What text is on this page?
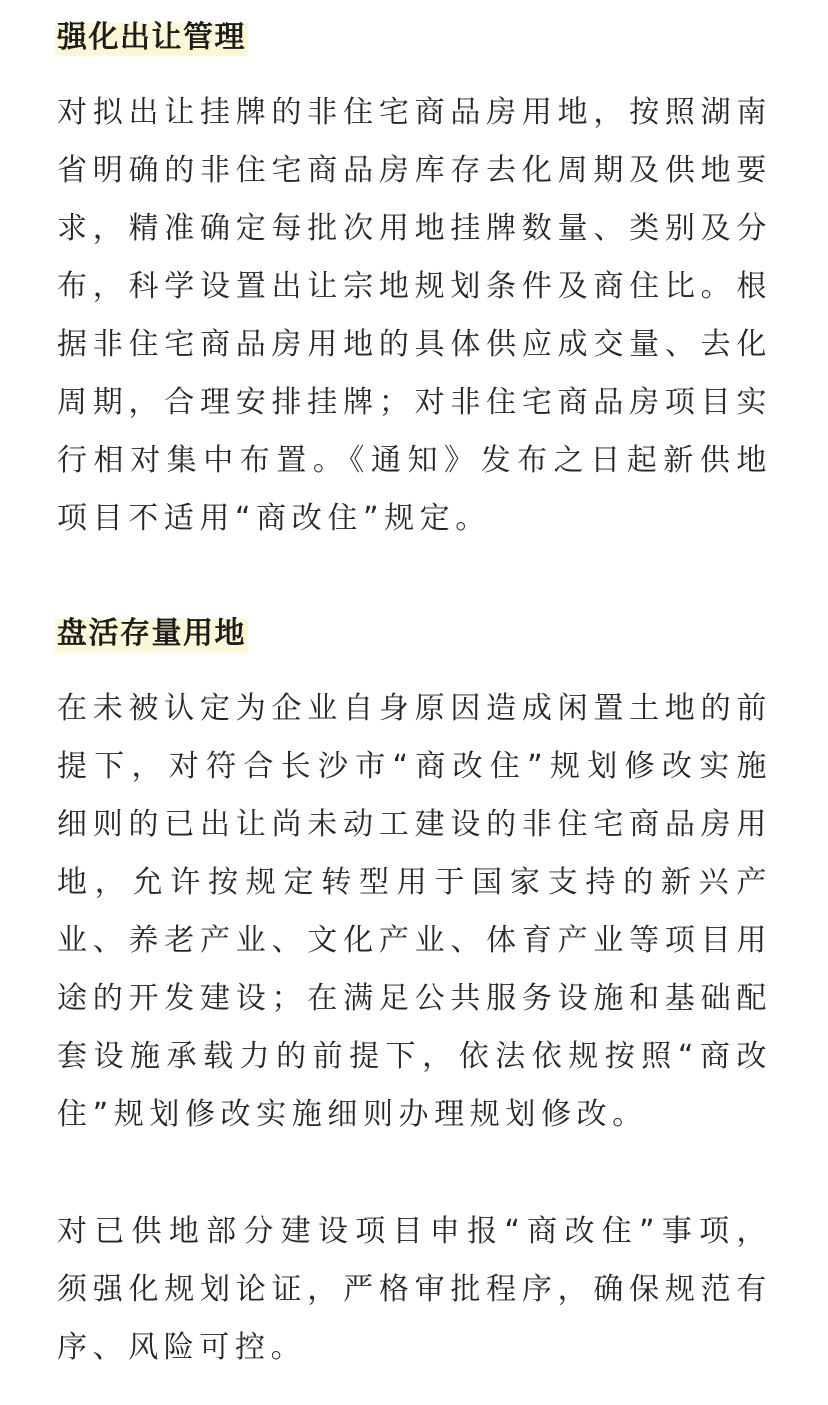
强化出让管理

对拟出让挂牌的非住宅商品房用地，按照湖南省明确的非住宅商品房库存去化周期及供地要求，精准确定每批次用地挂牌数量、类别及分布，科学设置出让宗地规划条件及商住比。根据非住宅商品房用地的具体供应成交量、去化周期，合理安排挂牌；对非住宅商品房项目实行相对集中布置。《通知》发布之日起新供地项目不适用“商改住”规定。

盘活存量用地

在未被认定为企业自身原因造成闲置土地的前提下，对符合长沙市“商改住”规划修改实施细则的已出让尚未动工建设的非住宅商品房用地，允许按规定转型用于国家支持的新兴产业、养老产业、文化产业、体育产业等项目用途的开发建设；在满足公共服务设施和基础配套设施承载力的前提下，依法依规按照“商改住”规划修改实施细则办理规划修改。

对已供地部分建设项目申报“商改住”事项，须强化规划论证，严格审批程序，确保规范有序、风险可控。
